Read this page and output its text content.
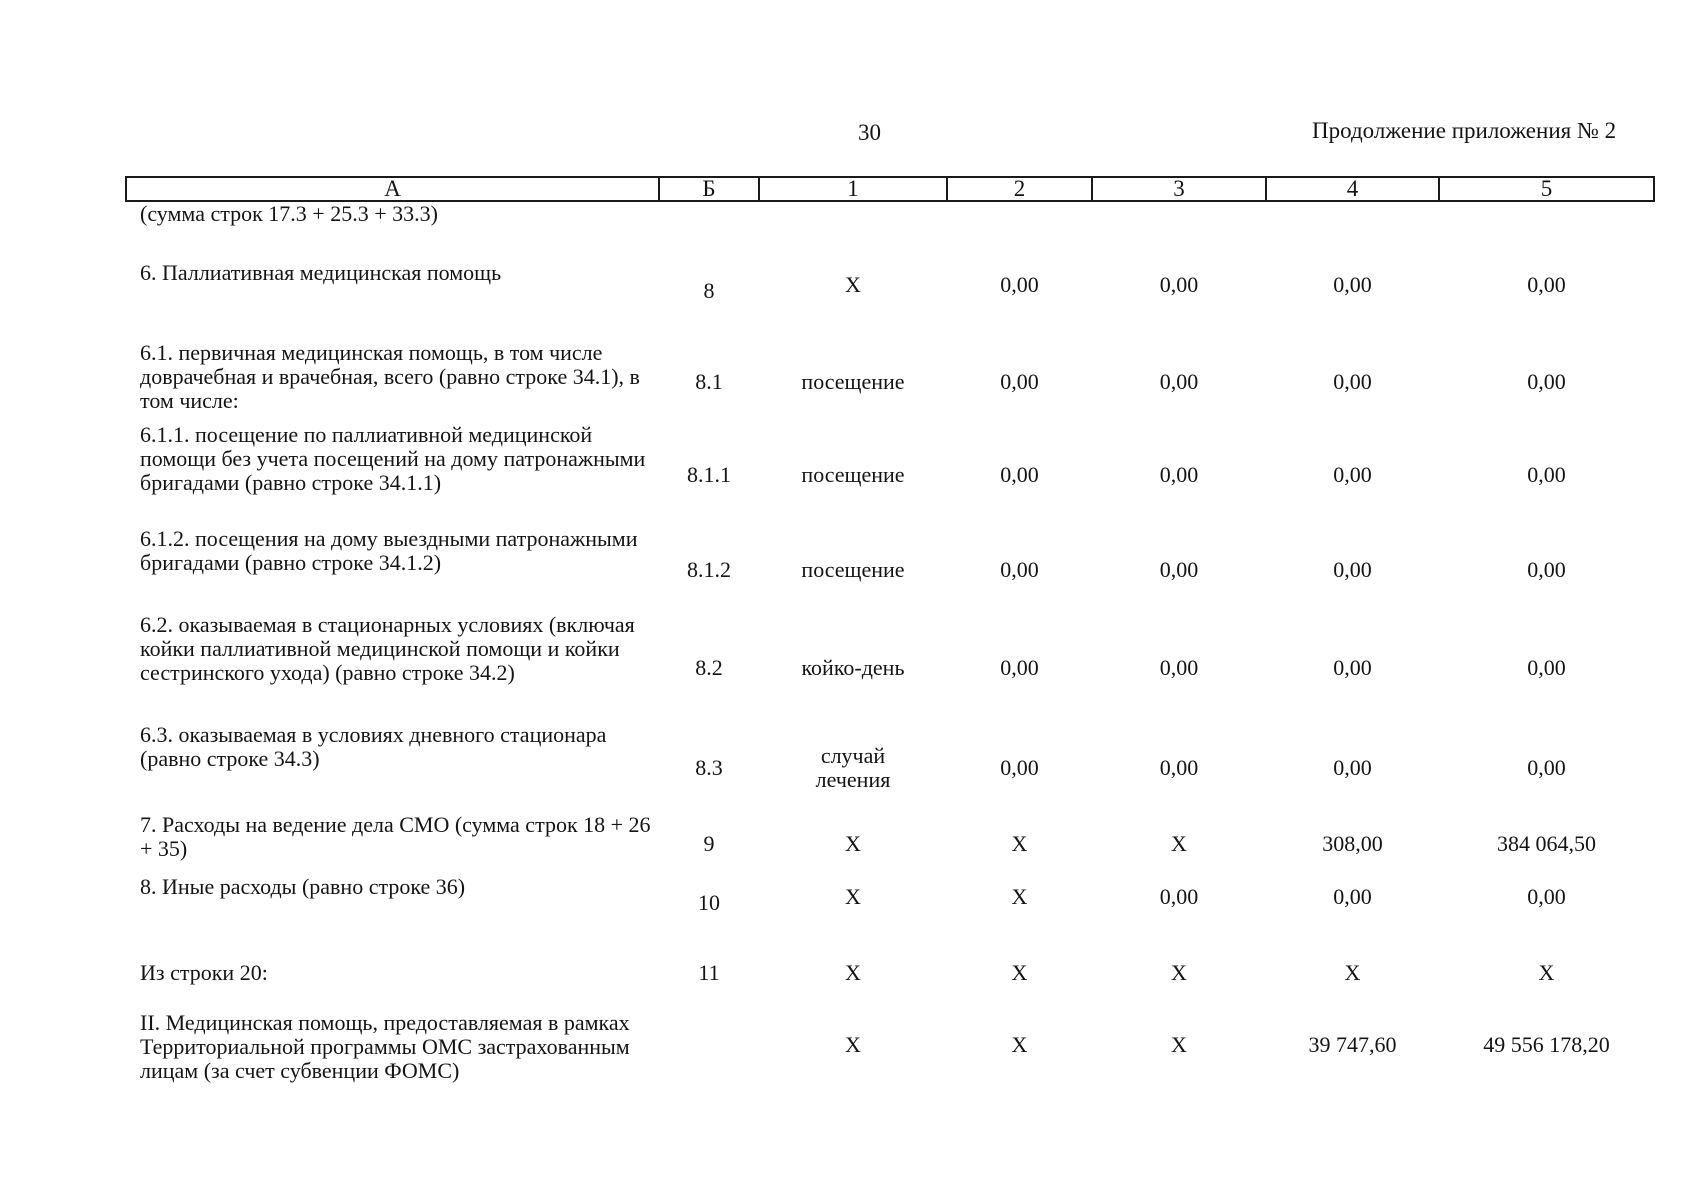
30	Продолжение приложения № 2
А	Б	1	2	3	4	5
(сумма строк 17.3 + 25.3 + 33.3)						
6. Паллиативная медицинская помощь	8	Х	0,00	0,00	0,00	0,00
6.1. первичная медицинская помощь, в том числе доврачебная и врачебная, всего (равно строке 34.1), в том числе:	8.1	посещение	0,00	0,00	0,00	0,00
6.1.1. посещение по паллиативной медицинской помощи без учета посещений на дому патронажными бригадами (равно строке 34.1.1)	8.1.1	посещение	0,00	0,00	0,00	0,00
6.1.2. посещения на дому выездными патронажными бригадами (равно строке 34.1.2)	8.1.2	посещение	0,00	0,00	0,00	0,00
6.2. оказываемая в стационарных условиях (включая койки паллиативной медицинской помощи и койки сестринского ухода) (равно строке 34.2)	8.2	койко-день	0,00	0,00	0,00	0,00
6.3. оказываемая в условиях дневного стационара (равно строке 34.3)	8.3	случай лечения	0,00	0,00	0,00	0,00
7. Расходы на ведение дела СМО (сумма строк 18 + 26 + 35)	9	Х	Х	Х	308,00	384 064,50
8. Иные расходы (равно строке 36)	10	Х	Х	0,00	0,00	0,00
Из строки 20:	11	Х	Х	Х	Х	Х
II. Медицинская помощь, предоставляемая в рамках Территориальной программы ОМС застрахованным лицам (за счет субвенции ФОМС)		Х	Х	Х	39 747,60	49 556 178,20
